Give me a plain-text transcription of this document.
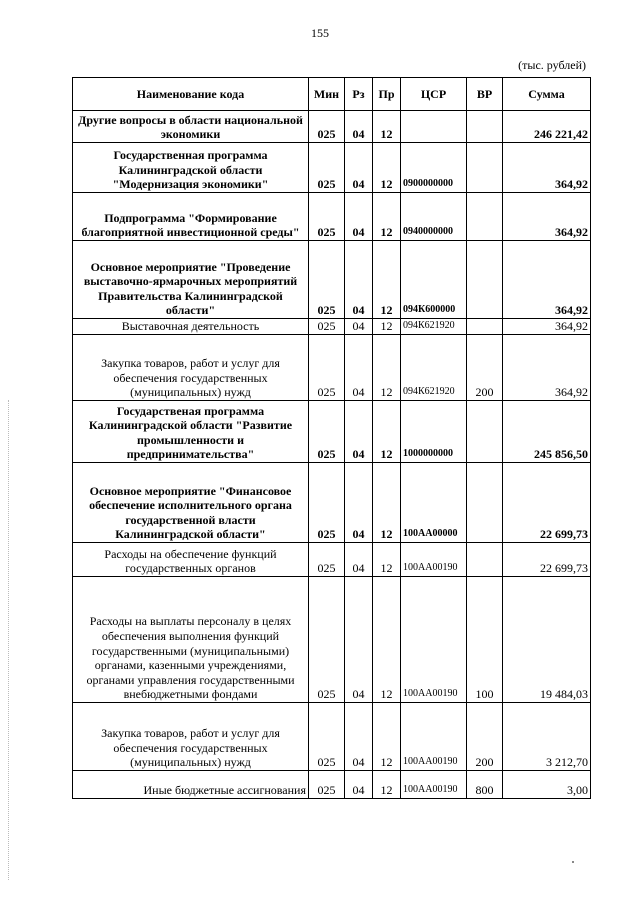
155
(тыс. рублей)
Наименование кода	Мин	Рз	Пр	ЦСР	ВР	Сумма
Другие вопросы в области национальной экономики	025	04	12			246 221,42
Государственная программа Калининградской области "Модернизация экономики"	025	04	12	0900000000		364,92
Подпрограмма "Формирование благоприятной инвестиционной среды"	025	04	12	0940000000		364,92
Основное мероприятие "Проведение выставочно-ярмарочных мероприятий Правительства Калининградской области"	025	04	12	094К600000		364,92
Выставочная деятельность	025	04	12	094К621920		364,92
Закупка товаров, работ и услуг для обеспечения государственных (муниципальных) нужд	025	04	12	094К621920	200	364,92
Государственая программа Калининградской области "Развитие промышленности и предпринимательства"	025	04	12	1000000000		245 856,50
Основное мероприятие "Финансовое обеспечение исполнительного органа государственной власти Калининградской области"	025	04	12	100АА00000		22 699,73
Расходы на обеспечение функций государственных органов	025	04	12	100АА00190		22 699,73
Расходы на выплаты персоналу в целях обеспечения выполнения функций государственными (муниципальными) органами, казенными учреждениями, органами управления государственными внебюджетными фондами	025	04	12	100АА00190	100	19 484,03
Закупка товаров, работ и услуг для обеспечения государственных (муниципальных) нужд	025	04	12	100АА00190	200	3 212,70
Иные бюджетные ассигнования	025	04	12	100АА00190	800	3,00
